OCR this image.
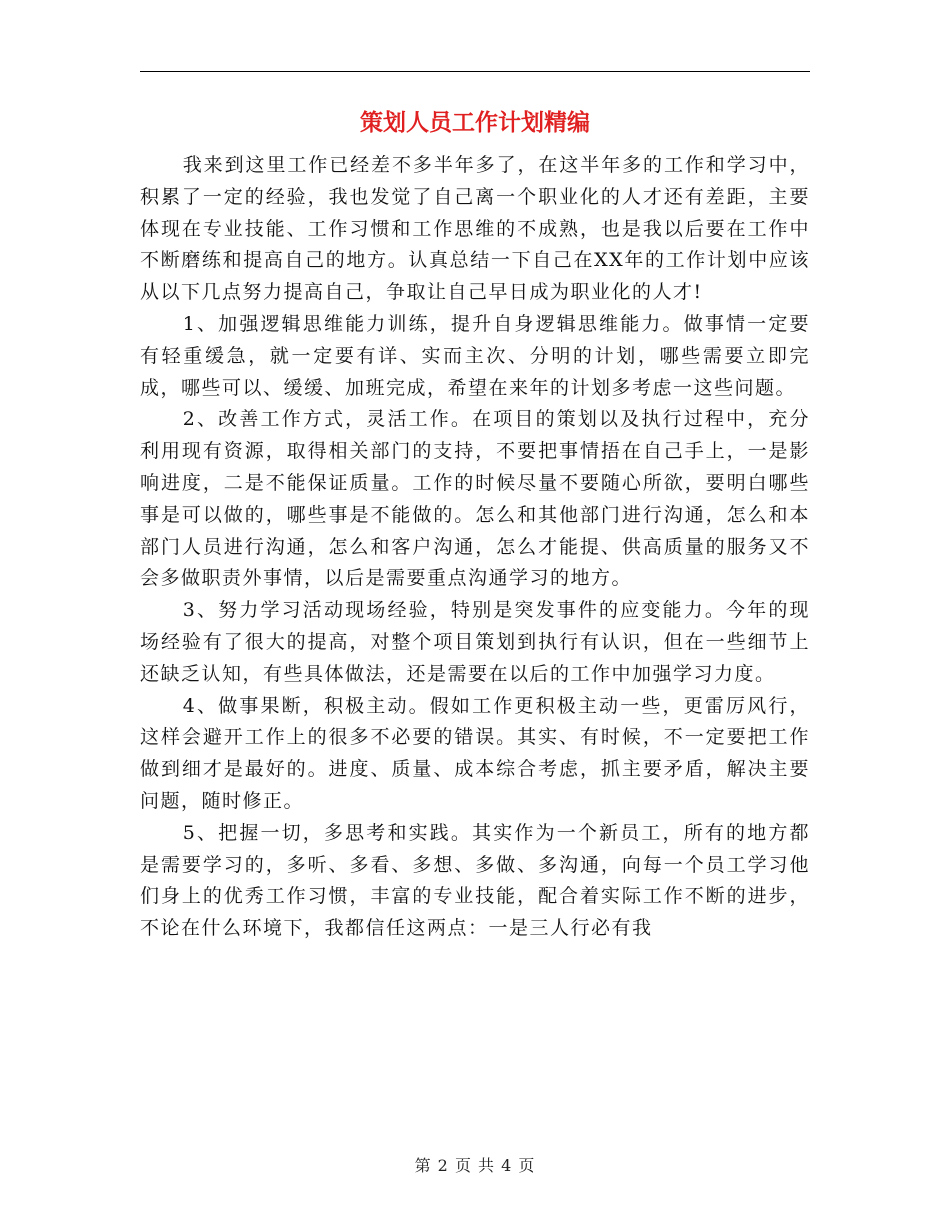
策划人员工作计划精编

我来到这里工作已经差不多半年多了，在这半年多的工作和学习中，积累了一定的经验，我也发觉了自己离一个职业化的人才还有差距，主要体现在专业技能、工作习惯和工作思维的不成熟，也是我以后要在工作中不断磨练和提高自己的地方。认真总结一下自己在XX年的工作计划中应该从以下几点努力提高自己，争取让自己早日成为职业化的人才!

1、加强逻辑思维能力训练，提升自身逻辑思维能力。做事情一定要有轻重缓急，就一定要有详、实而主次、分明的计划，哪些需要立即完成，哪些可以、缓缓、加班完成，希望在来年的计划多考虑一这些问题。

2、改善工作方式，灵活工作。在项目的策划以及执行过程中，充分利用现有资源，取得相关部门的支持，不要把事情捂在自己手上，一是影响进度，二是不能保证质量。工作的时候尽量不要随心所欲，要明白哪些事是可以做的，哪些事是不能做的。怎么和其他部门进行沟通，怎么和本部门人员进行沟通，怎么和客户沟通，怎么才能提、供高质量的服务又不会多做职责外事情，以后是需要重点沟通学习的地方。

3、努力学习活动现场经验，特别是突发事件的应变能力。今年的现场经验有了很大的提高，对整个项目策划到执行有认识，但在一些细节上还缺乏认知，有些具体做法，还是需要在以后的工作中加强学习力度。

4、做事果断，积极主动。假如工作更积极主动一些，更雷厉风行，这样会避开工作上的很多不必要的错误。其实、有时候，不一定要把工作做到细才是最好的。进度、质量、成本综合考虑，抓主要矛盾，解决主要问题，随时修正。

5、把握一切，多思考和实践。其实作为一个新员工，所有的地方都是需要学习的，多听、多看、多想、多做、多沟通，向每一个员工学习他们身上的优秀工作习惯，丰富的专业技能，配合着实际工作不断的进步，不论在什么环境下，我都信任这两点：一是三人行必有我

第 2 页 共 4 页
